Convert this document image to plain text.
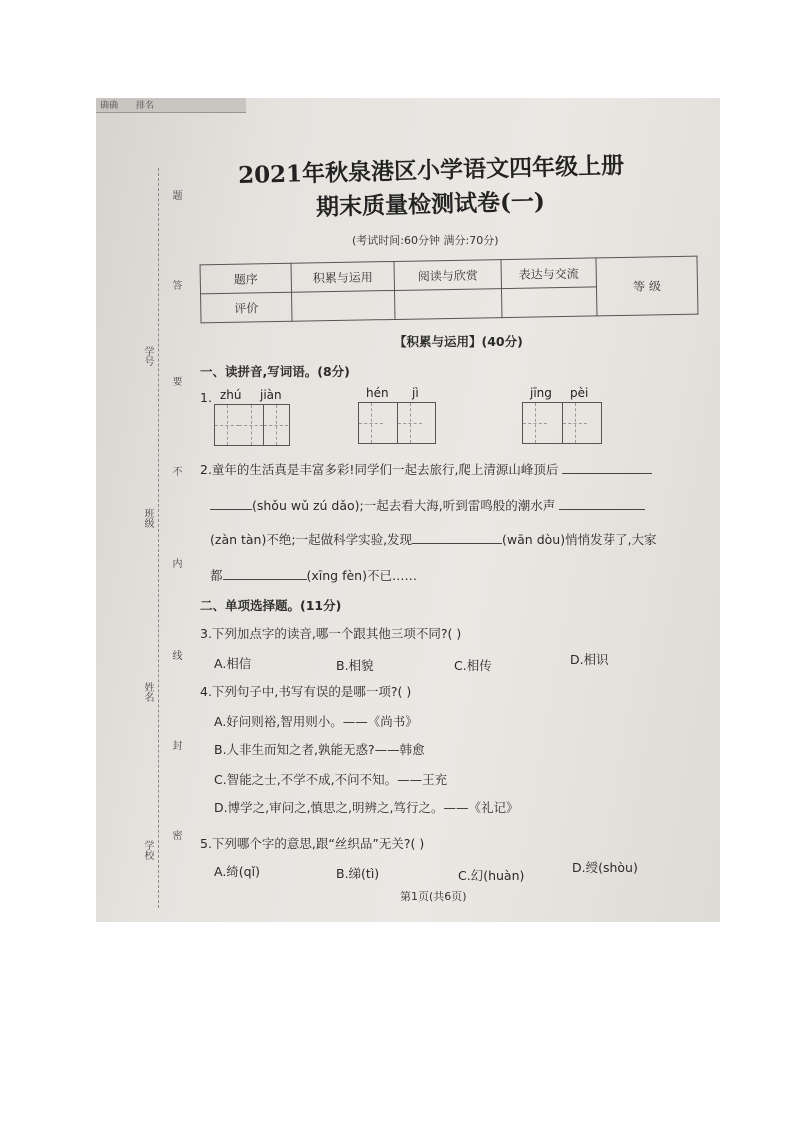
确确 排名
题
答
要
不
内
线
封
密
学号
班级
姓名
学校
2021年秋泉港区小学语文四年级上册
期末质量检测试卷(一)
(考试时间:60分钟 满分:70分)
题序	积累与运用	阅读与欣赏	表达与交流	等 级
评价				
【积累与运用】(40分)
一、读拼音,写词语。(8分)
1. zhú jiàn	hén jì	jīng pèi
2.童年的生活真是丰富多彩!同学们一起去旅行,爬上清源山峰顶后
(shǒu wǔ zú dǎo);一起去看大海,听到雷鸣般的潮水声
(zàn tàn)不绝;一起做科学实验,发现	(wān dòu)悄悄发芽了,大家
都	(xīng fèn)不已……
二、单项选择题。(11分)
3.下列加点字的读音,哪一个跟其他三项不同?( )
A.相信	B.相貌	C.相传	D.相识
4.下列句子中,书写有误的是哪一项?( )
A.好问则裕,智用则小。——《尚书》
B.人非生而知之者,孰能无惑?——韩愈
C.智能之士,不学不成,不问不知。——王充
D.博学之,审问之,慎思之,明辨之,笃行之。——《礼记》
5.下列哪个字的意思,跟“丝织品”无关?( )
A.绮(qǐ)	B.绨(tì)	C.幻(huàn)
D.绶(shòu)
第1页(共6页)
